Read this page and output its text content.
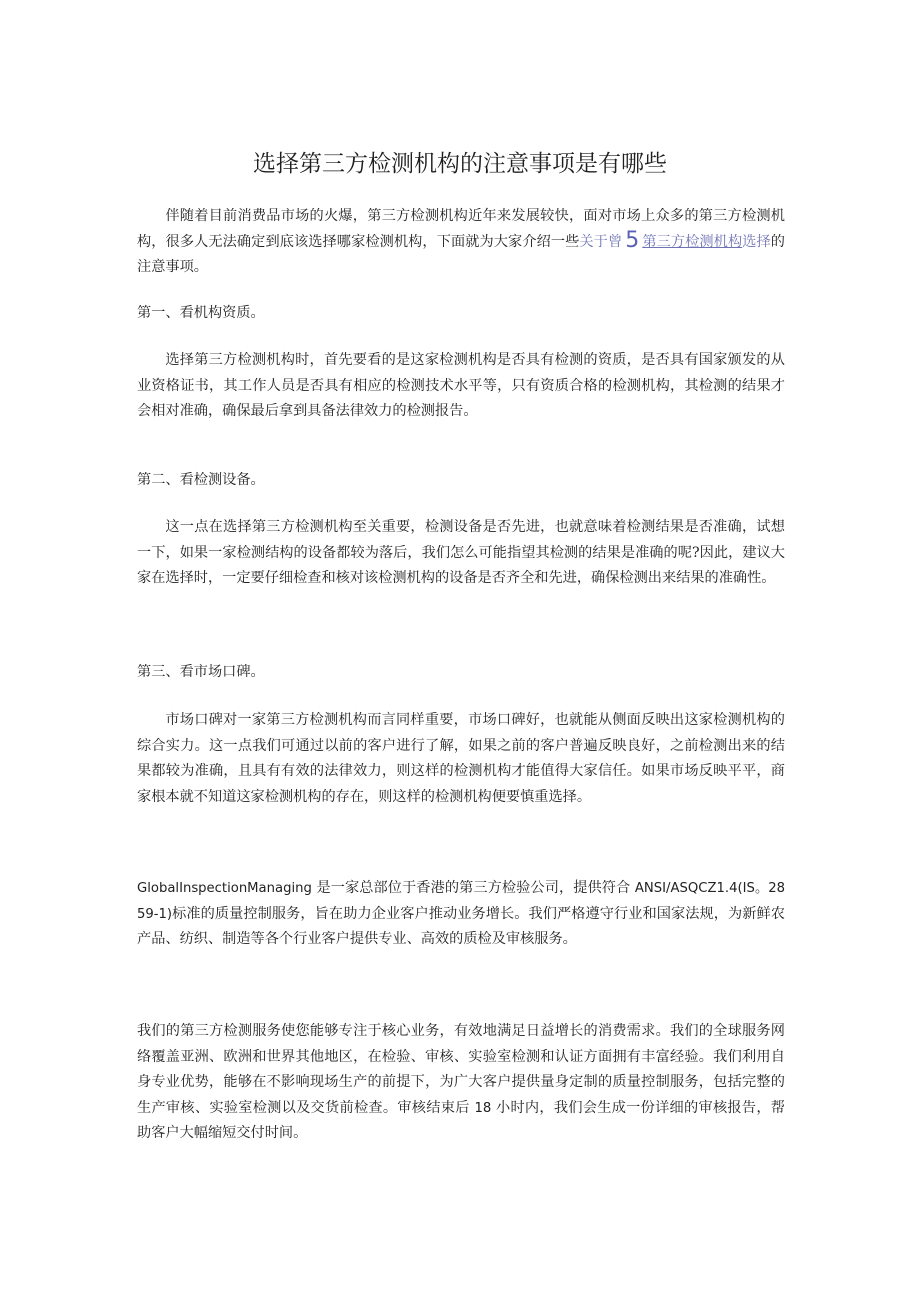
选择第三方检测机构的注意事项是有哪些

伴随着目前消费品市场的火爆，第三方检测机构近年来发展较快，面对市场上众多的第三方检测机构，很多人无法确定到底该选择哪家检测机构，下面就为大家介绍一些关于曾 5 第三方检测机构选择的注意事项。

第一、看机构资质。

选择第三方检测机构时，首先要看的是这家检测机构是否具有检测的资质，是否具有国家颁发的从业资格证书，其工作人员是否具有相应的检测技术水平等，只有资质合格的检测机构，其检测的结果才会相对准确，确保最后拿到具备法律效力的检测报告。

第二、看检测设备。

这一点在选择第三方检测机构至关重要，检测设备是否先进，也就意味着检测结果是否准确，试想一下，如果一家检测结构的设备都较为落后，我们怎么可能指望其检测的结果是准确的呢?因此，建议大家在选择时，一定要仔细检查和核对该检测机构的设备是否齐全和先进，确保检测出来结果的准确性。

第三、看市场口碑。

市场口碑对一家第三方检测机构而言同样重要，市场口碑好，也就能从侧面反映出这家检测机构的综合实力。这一点我们可通过以前的客户进行了解，如果之前的客户普遍反映良好，之前检测出来的结果都较为准确，且具有有效的法律效力，则这样的检测机构才能值得大家信任。如果市场反映平平，商家根本就不知道这家检测机构的存在，则这样的检测机构便要慎重选择。

GlobalInspectionManaging 是一家总部位于香港的第三方检验公司，提供符合 ANSI/ASQCZ1.4(IS。2859-1)标准的质量控制服务，旨在助力企业客户推动业务增长。我们严格遵守行业和国家法规，为新鲜农产品、纺织、制造等各个行业客户提供专业、高效的质检及审核服务。

我们的第三方检测服务使您能够专注于核心业务，有效地满足日益增长的消费需求。我们的全球服务网络覆盖亚洲、欧洲和世界其他地区，在检验、审核、实验室检测和认证方面拥有丰富经验。我们利用自身专业优势，能够在不影响现场生产的前提下，为广大客户提供量身定制的质量控制服务，包括完整的生产审核、实验室检测以及交货前检查。审核结束后 18 小时内，我们会生成一份详细的审核报告，帮助客户大幅缩短交付时间。
